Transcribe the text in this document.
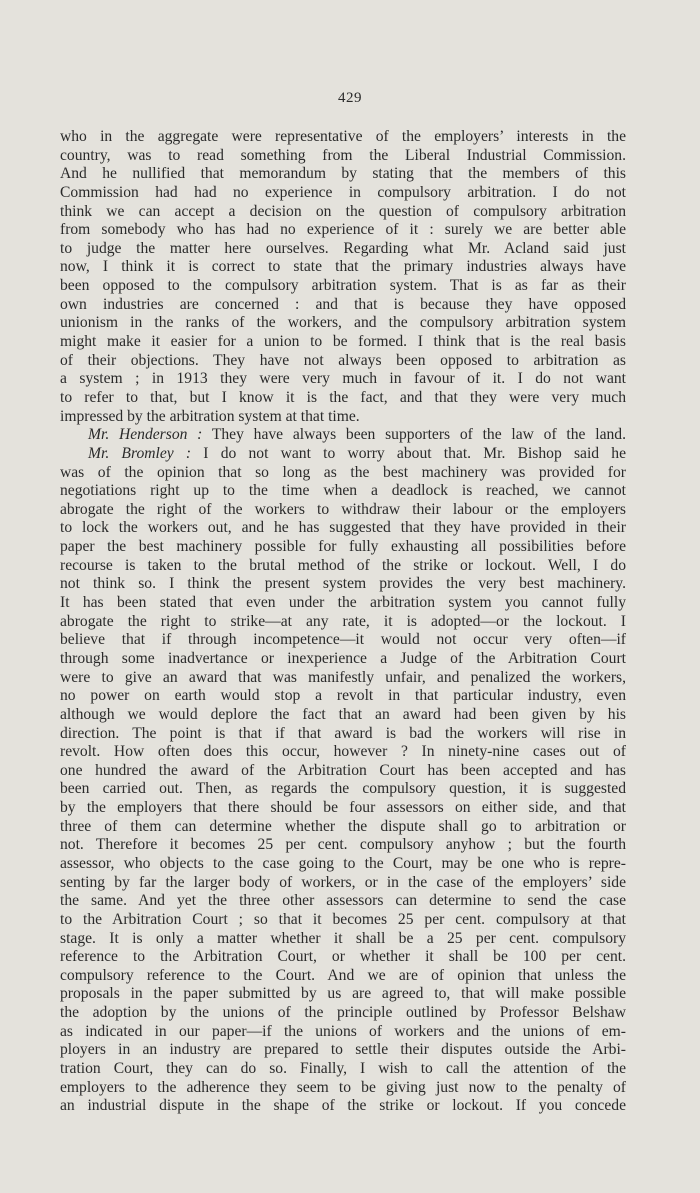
429
who in the aggregate were representative of the employers’ interests in the
country, was to read something from the Liberal Industrial Commission.
And he nullified that memorandum by stating that the members of this
Commission had had no experience in compulsory arbitration. I do not
think we can accept a decision on the question of compulsory arbitration
from somebody who has had no experience of it : surely we are better able
to judge the matter here ourselves. Regarding what Mr. Acland said just
now, I think it is correct to state that the primary industries always have
been opposed to the compulsory arbitration system. That is as far as their
own industries are concerned : and that is because they have opposed
unionism in the ranks of the workers, and the compulsory arbitration system
might make it easier for a union to be formed. I think that is the real basis
of their objections. They have not always been opposed to arbitration as
a system ; in 1913 they were very much in favour of it. I do not want
to refer to that, but I know it is the fact, and that they were very much
impressed by the arbitration system at that time.
Mr. Henderson : They have always been supporters of the law of the land.
Mr. Bromley : I do not want to worry about that. Mr. Bishop said he
was of the opinion that so long as the best machinery was provided for
negotiations right up to the time when a deadlock is reached, we cannot
abrogate the right of the workers to withdraw their labour or the employers
to lock the workers out, and he has suggested that they have provided in their
paper the best machinery possible for fully exhausting all possibilities before
recourse is taken to the brutal method of the strike or lockout. Well, I do
not think so. I think the present system provides the very best machinery.
It has been stated that even under the arbitration system you cannot fully
abrogate the right to strike—at any rate, it is adopted—or the lockout. I
believe that if through incompetence—it would not occur very often—if
through some inadvertance or inexperience a Judge of the Arbitration Court
were to give an award that was manifestly unfair, and penalized the workers,
no power on earth would stop a revolt in that particular industry, even
although we would deplore the fact that an award had been given by his
direction. The point is that if that award is bad the workers will rise in
revolt. How often does this occur, however ? In ninety-nine cases out of
one hundred the award of the Arbitration Court has been accepted and has
been carried out. Then, as regards the compulsory question, it is suggested
by the employers that there should be four assessors on either side, and that
three of them can determine whether the dispute shall go to arbitration or
not. Therefore it becomes 25 per cent. compulsory anyhow ; but the fourth
assessor, who objects to the case going to the Court, may be one who is repre-
senting by far the larger body of workers, or in the case of the employers’ side
the same. And yet the three other assessors can determine to send the case
to the Arbitration Court ; so that it becomes 25 per cent. compulsory at that
stage. It is only a matter whether it shall be a 25 per cent. compulsory
reference to the Arbitration Court, or whether it shall be 100 per cent.
compulsory reference to the Court. And we are of opinion that unless the
proposals in the paper submitted by us are agreed to, that will make possible
the adoption by the unions of the principle outlined by Professor Belshaw
as indicated in our paper—if the unions of workers and the unions of em-
ployers in an industry are prepared to settle their disputes outside the Arbi-
tration Court, they can do so. Finally, I wish to call the attention of the
employers to the adherence they seem to be giving just now to the penalty of
an industrial dispute in the shape of the strike or lockout. If you concede
